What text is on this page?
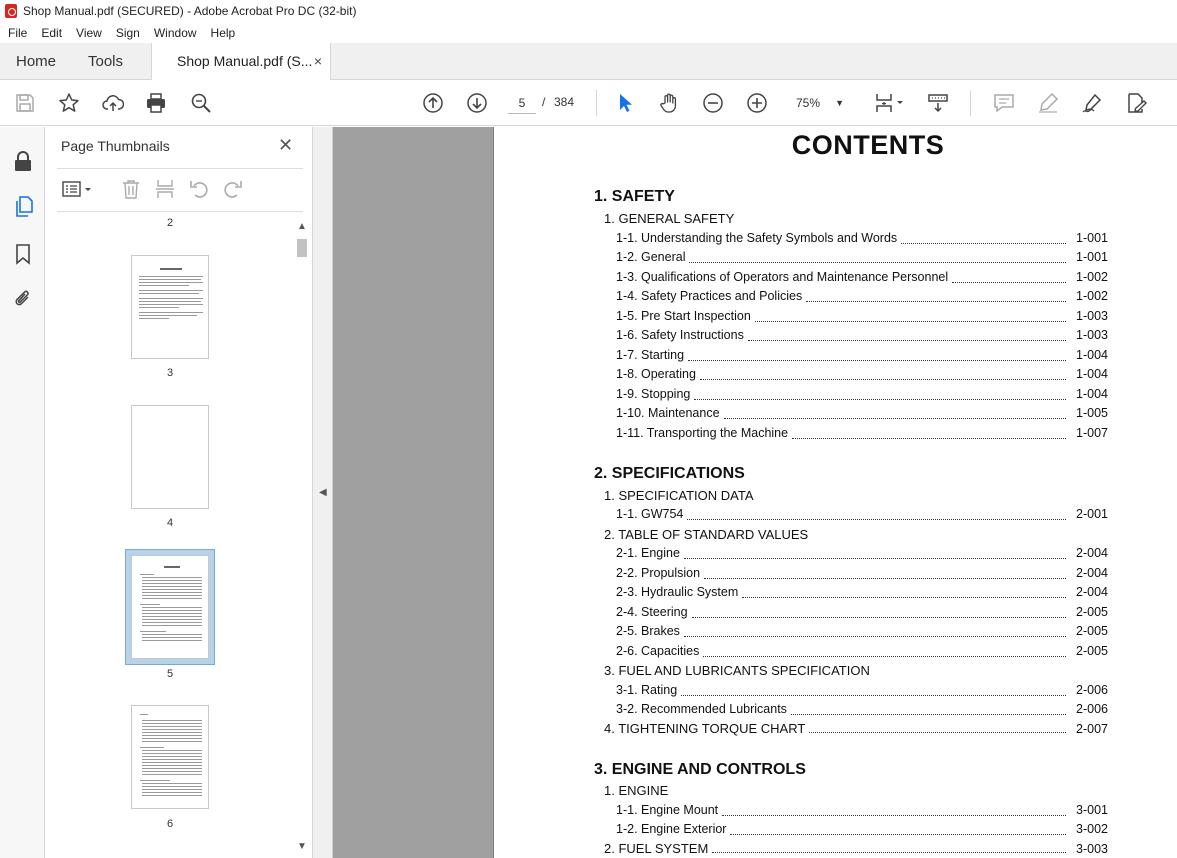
Shop Manual.pdf (SECURED) - Adobe Acrobat Pro DC (32-bit)
File	Edit	View	Sign	Window	Help
Home Tools	Shop Manual.pdf (S... ×
5
/ 384	75% ▼
Page Thumbnails	✕
2
3
4
5
6
▲
▼
◀
CONTENTS
1. SAFETY
1. GENERAL SAFETY
1-1. Understanding the Safety Symbols and Words	1-001
1-2. General	1-001
1-3. Qualifications of Operators and Maintenance Personnel	1-002
1-4. Safety Practices and Policies	1-002
1-5. Pre Start Inspection	1-003
1-6. Safety Instructions	1-003
1-7. Starting	1-004
1-8. Operating	1-004
1-9. Stopping	1-004
1-10. Maintenance	1-005
1-11. Transporting the Machine	1-007
2. SPECIFICATIONS
1. SPECIFICATION DATA
1-1. GW754	2-001
2. TABLE OF STANDARD VALUES
2-1. Engine	2-004
2-2. Propulsion	2-004
2-3. Hydraulic System	2-004
2-4. Steering	2-005
2-5. Brakes	2-005
2-6. Capacities	2-005
3. FUEL AND LUBRICANTS SPECIFICATION
3-1. Rating	2-006
3-2. Recommended Lubricants	2-006
4. TIGHTENING TORQUE CHART	2-007
3. ENGINE AND CONTROLS
1. ENGINE
1-1. Engine Mount	3-001
1-2. Engine Exterior	3-002
2. FUEL SYSTEM	3-003
